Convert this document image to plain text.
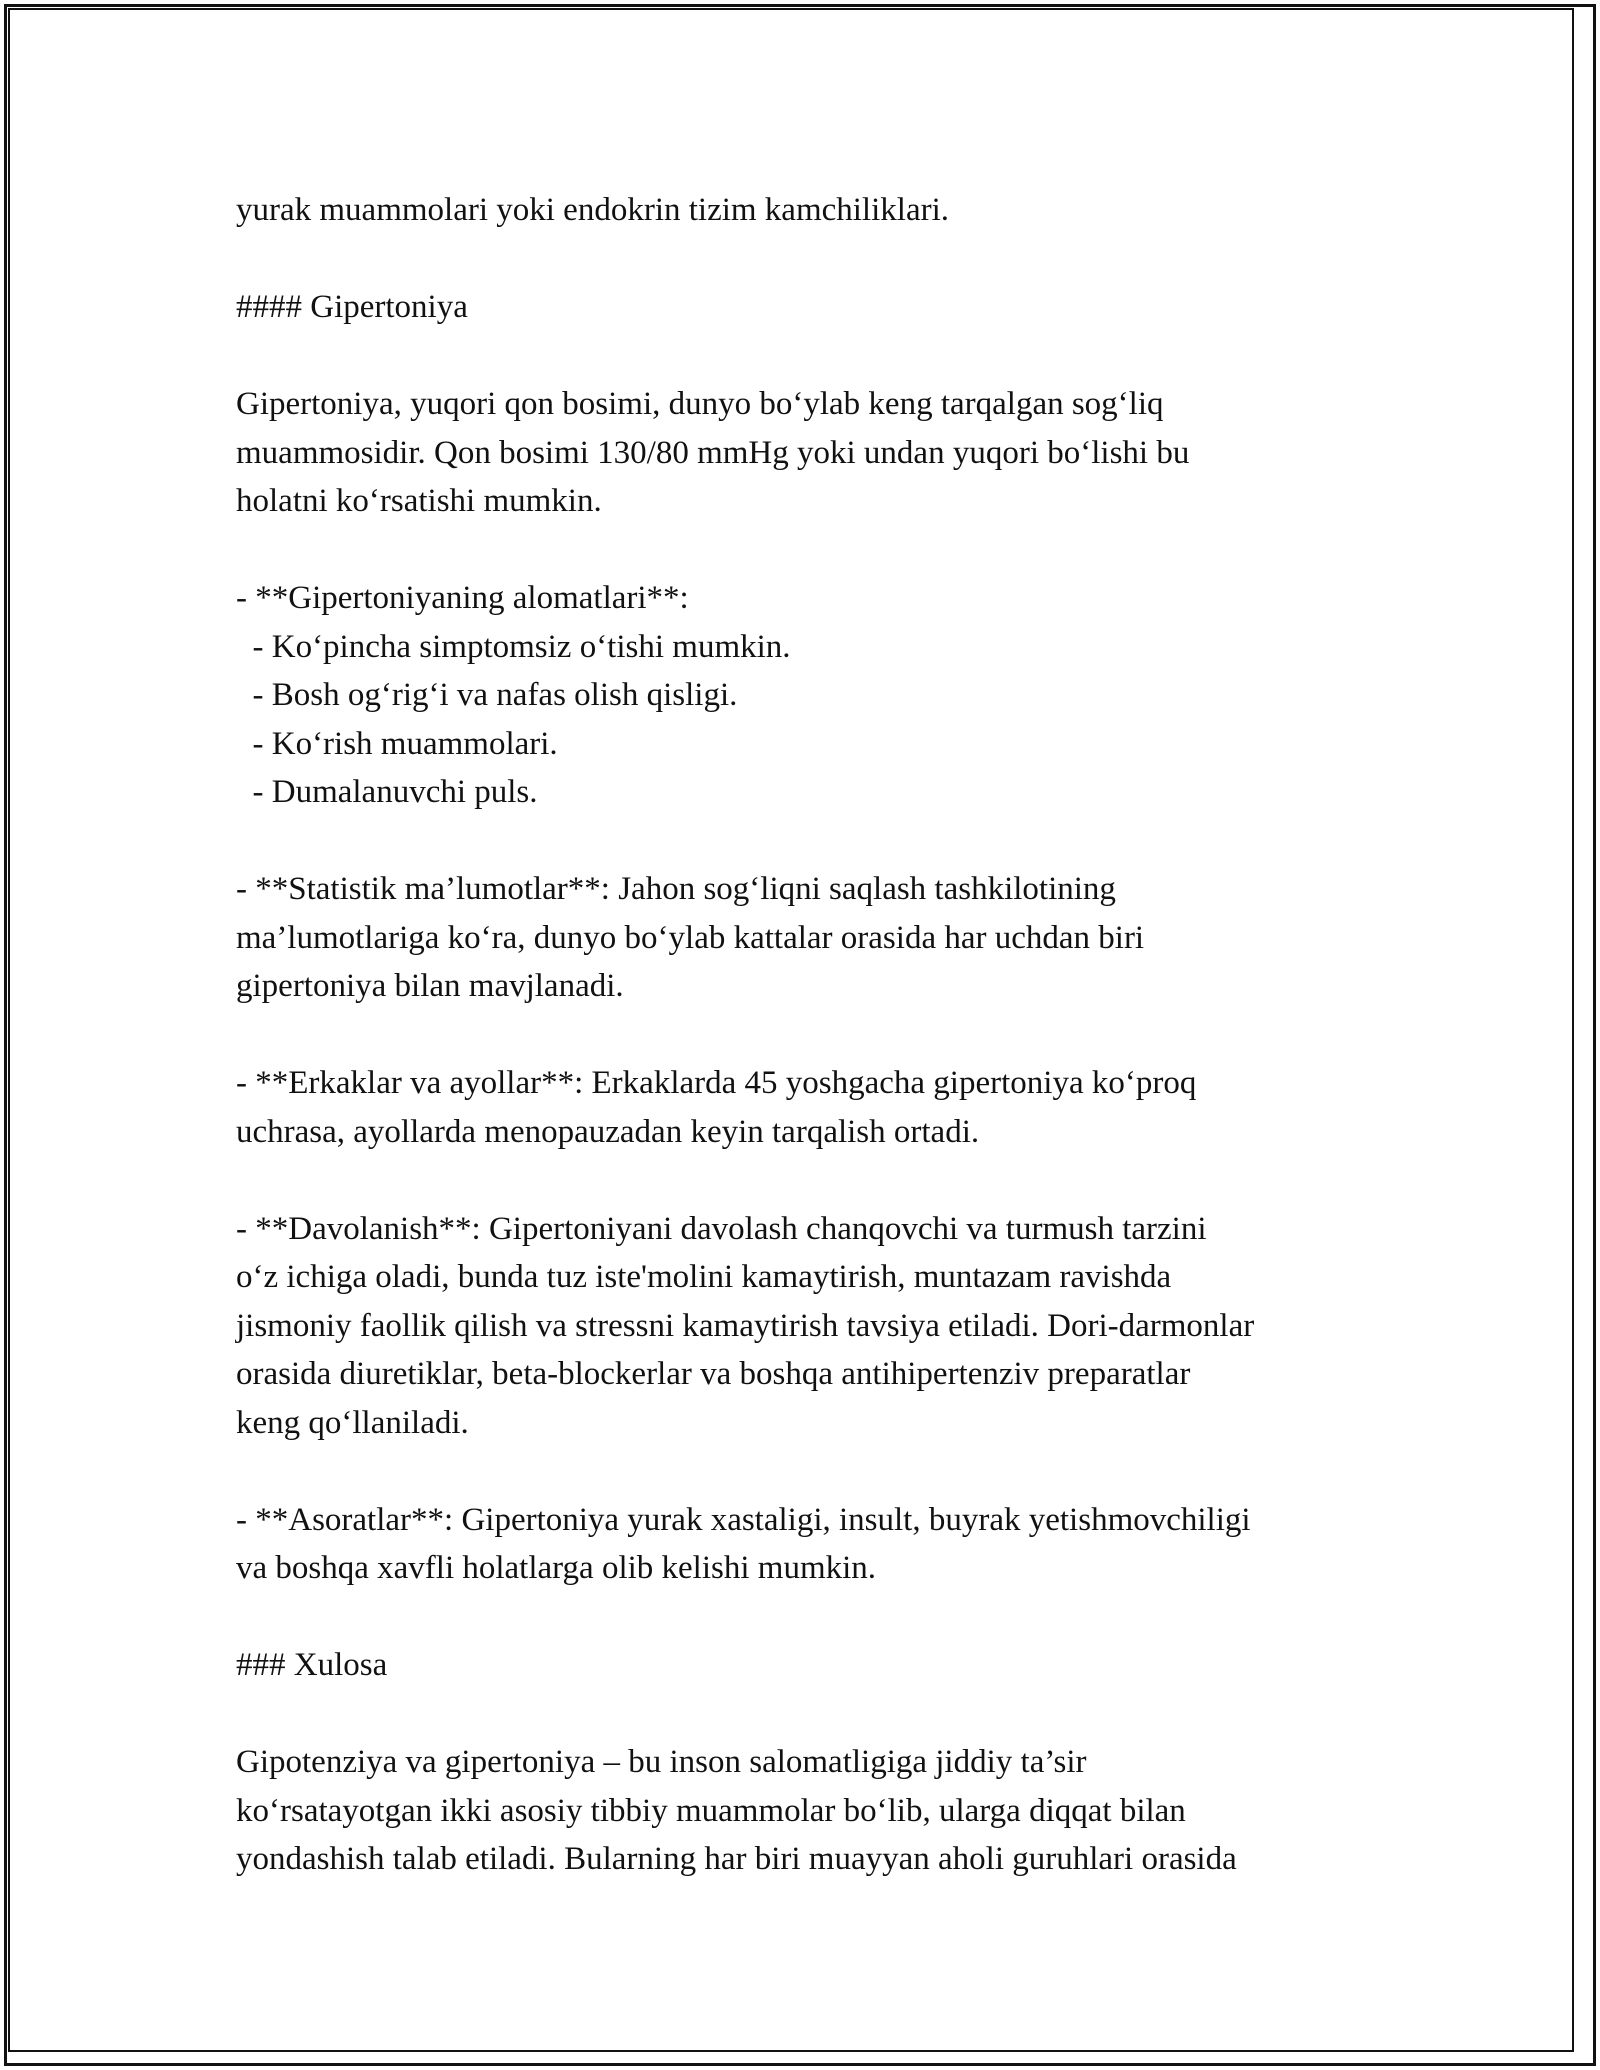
yurak muammolari yoki endokrin tizim kamchiliklari.
#### Gipertoniya
Gipertoniya, yuqori qon bosimi, dunyo bo‘ylab keng tarqalgan sog‘liq
muammosidir. Qon bosimi 130/80 mmHg yoki undan yuqori bo‘lishi bu
holatni ko‘rsatishi mumkin.
- **Gipertoniyaning alomatlari**:
- Ko‘pincha simptomsiz o‘tishi mumkin.
- Bosh og‘rig‘i va nafas olish qisligi.
- Ko‘rish muammolari.
- Dumalanuvchi puls.
- **Statistik ma’lumotlar**: Jahon sog‘liqni saqlash tashkilotining
ma’lumotlariga ko‘ra, dunyo bo‘ylab kattalar orasida har uchdan biri
gipertoniya bilan mavjlanadi.
- **Erkaklar va ayollar**: Erkaklarda 45 yoshgacha gipertoniya ko‘proq
uchrasa, ayollarda menopauzadan keyin tarqalish ortadi.
- **Davolanish**: Gipertoniyani davolash chanqovchi va turmush tarzini
o‘z ichiga oladi, bunda tuz iste'molini kamaytirish, muntazam ravishda
jismoniy faollik qilish va stressni kamaytirish tavsiya etiladi. Dori-darmonlar
orasida diuretiklar, beta-blockerlar va boshqa antihipertenziv preparatlar
keng qo‘llaniladi.
- **Asoratlar**: Gipertoniya yurak xastaligi, insult, buyrak yetishmovchiligi
va boshqa xavfli holatlarga olib kelishi mumkin.
### Xulosa
Gipotenziya va gipertoniya – bu inson salomatligiga jiddiy ta’sir
ko‘rsatayotgan ikki asosiy tibbiy muammolar bo‘lib, ularga diqqat bilan
yondashish talab etiladi. Bularning har biri muayyan aholi guruhlari orasida
